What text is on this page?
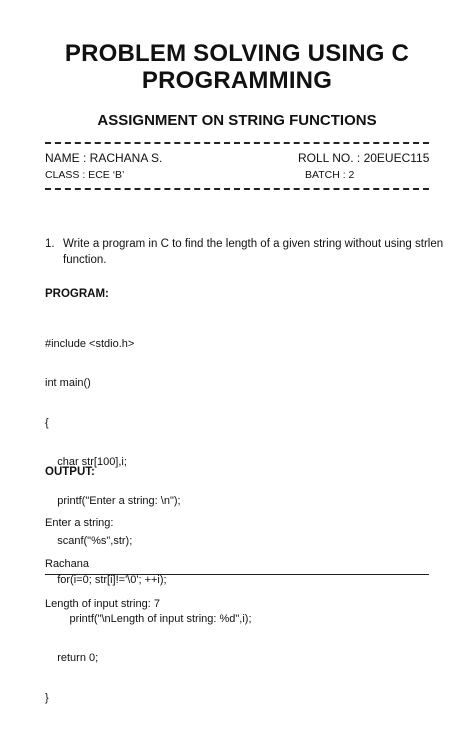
PROBLEM SOLVING USING C
PROGRAMMING
ASSIGNMENT ON STRING FUNCTIONS
NAME : RACHANA S.	ROLL NO. : 20EUEC115
CLASS : ECE ‘B’	BATCH : 2
1. Write a program in C to find the length of a given string without using strlen function.
PROGRAM:

#include <stdio.h>

int main()

{

char str[100],i;

printf("Enter a string: \n");

scanf("%s",str);

for(i=0; str[i]!='\0'; ++i);

printf("\nLength of input string: %d",i);

return 0;

}

OUTPUT:

Enter a string:

Rachana

Length of input string: 7
